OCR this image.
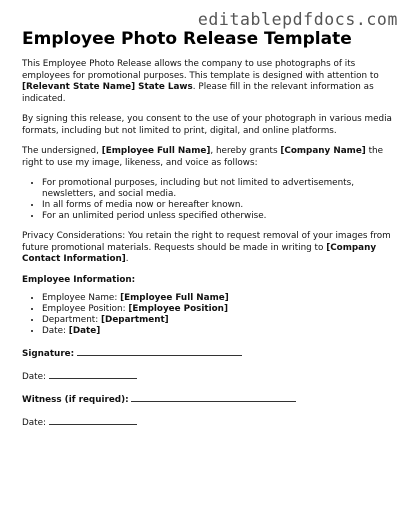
editablepdfdocs.com
Employee Photo Release Template

This Employee Photo Release allows the company to use photographs of its employees for promotional purposes. This template is designed with attention to [Relevant State Name] State Laws. Please fill in the relevant information as indicated.

By signing this release, you consent to the use of your photograph in various media formats, including but not limited to print, digital, and online platforms.

The undersigned, [Employee Full Name], hereby grants [Company Name] the right to use my image, likeness, and voice as follows:

• For promotional purposes, including but not limited to advertisements, newsletters, and social media.
• In all forms of media now or hereafter known.
• For an unlimited period unless specified otherwise.

Privacy Considerations: You retain the right to request removal of your images from future promotional materials. Requests should be made in writing to [Company Contact Information].

Employee Information:
• Employee Name: [Employee Full Name]
• Employee Position: [Employee Position]
• Department: [Department]
• Date: [Date]
Signature:
Date:
Witness (if required):
Date:
